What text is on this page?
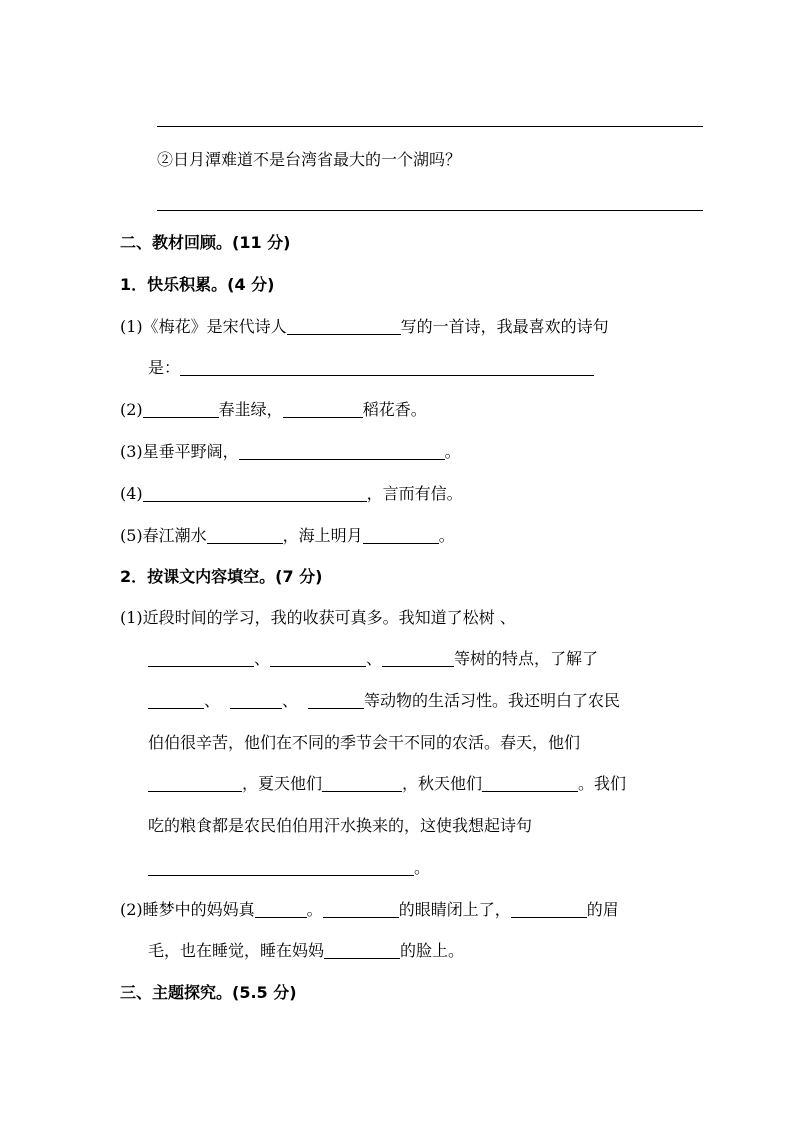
②日月潭难道不是台湾省最大的一个湖吗？
二、教材回顾。(11 分)
1．快乐积累。(4 分)
(1)《梅花》是宋代诗人	写的一首诗，我最喜欢的诗句
是：
(2)	春韭绿，	稻花香。
(3)星垂平野阔，	。
(4)	，言而有信。
(5)春江潮水	，海上明月	。
2．按课文内容填空。(7 分)
(1)近段时间的学习，我的收获可真多。我知道了松树 、
、	、	等树的特点，了解了
、	、	等动物的生活习性。我还明白了农民
伯伯很辛苦，他们在不同的季节会干不同的农活。春天，他们
，夏天他们	，秋天他们	。我们
吃的粮食都是农民伯伯用汗水换来的，这使我想起诗句
。
(2)睡梦中的妈妈真	。	的眼睛闭上了，	的眉
毛，也在睡觉，睡在妈妈	的脸上。
三、主题探究。(5.5 分)
